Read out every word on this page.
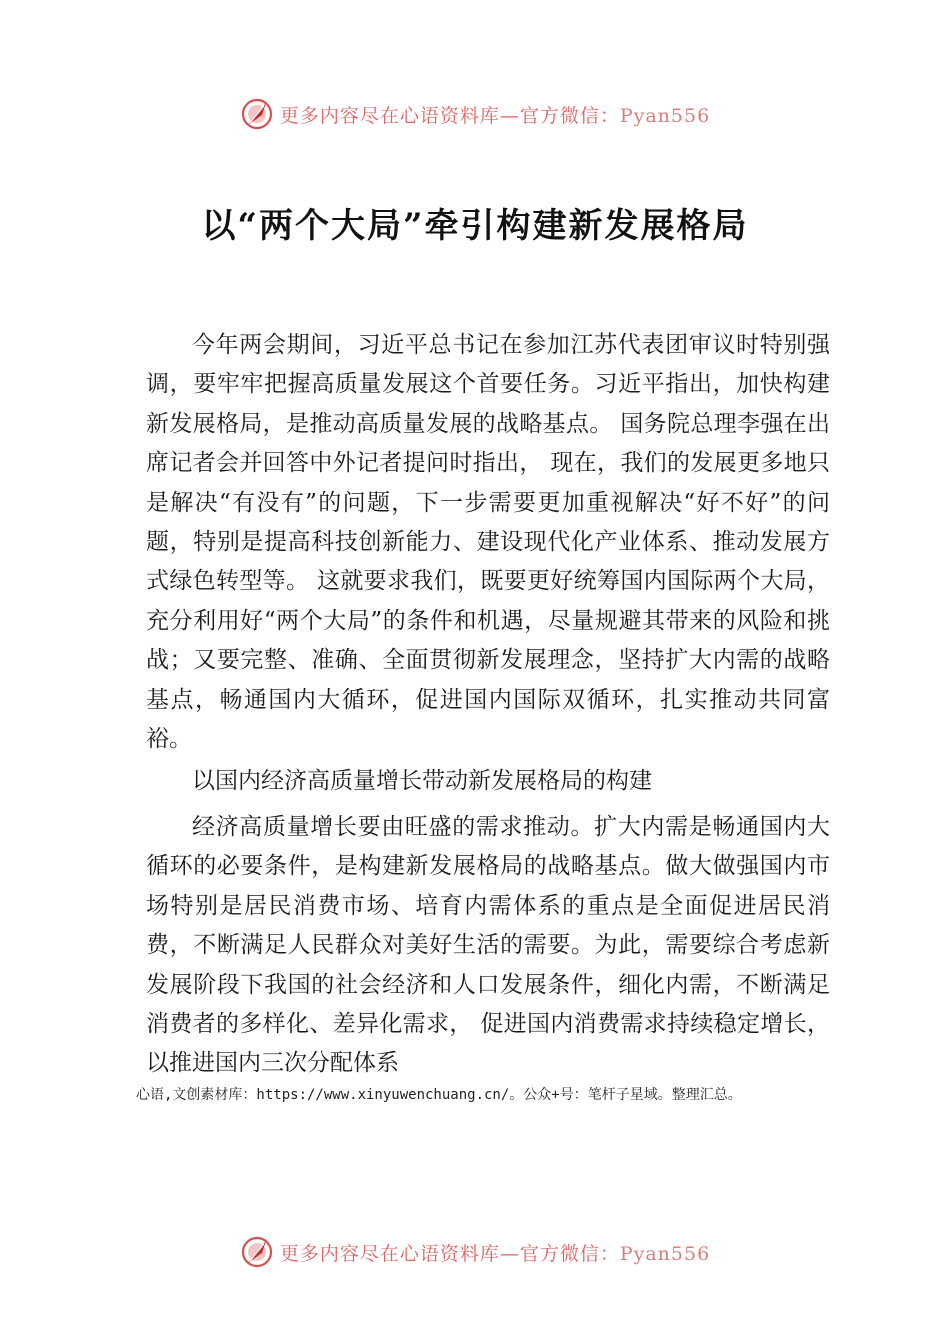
更多内容尽在心语资料库—官方微信：Pyan556
以“两个大局”牵引构建新发展格局

今年两会期间，习近平总书记在参加江苏代表团审议时特别强调，要牢牢把握高质量发展这个首要任务。习近平指出，加快构建新发展格局，是推动高质量发展的战略基点。 国务院总理李强在出席记者会并回答中外记者提问时指出， 现在，我们的发展更多地只是解决“有没有”的问题，下一步需要更加重视解决“好不好”的问题，特别是提高科技创新能力、建设现代化产业体系、推动发展方式绿色转型等。 这就要求我们，既要更好统筹国内国际两个大局，充分利用好“两个大局”的条件和机遇，尽量规避其带来的风险和挑战；又要完整、准确、全面贯彻新发展理念，坚持扩大内需的战略基点，畅通国内大循环，促进国内国际双循环，扎实推动共同富裕。

以国内经济高质量增长带动新发展格局的构建

经济高质量增长要由旺盛的需求推动。扩大内需是畅通国内大循环的必要条件，是构建新发展格局的战略基点。做大做强国内市场特别是居民消费市场、培育内需体系的重点是全面促进居民消费，不断满足人民群众对美好生活的需要。为此，需要综合考虑新发展阶段下我国的社会经济和人口发展条件，细化内需，不断满足消费者的多样化、差异化需求， 促进国内消费需求持续稳定增长，以推进国内三次分配体系

心语,文创素材库：https://www.xinyuwenchuang.cn/。公众+号：笔杆子星域。整理汇总。
更多内容尽在心语资料库—官方微信：Pyan556
